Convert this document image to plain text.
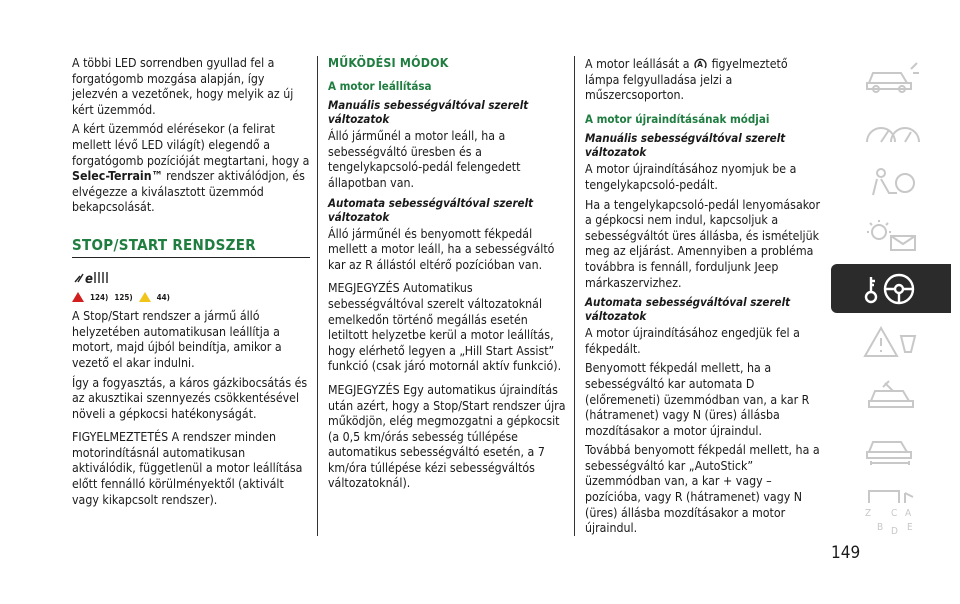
A többi LED sorrendben gyullad fel a forgatógomb mozgása alapján, így jelezvén a vezetőnek, hogy melyik az új kért üzemmód.

A kért üzemmód elérésekor (a felirat mellett lévő LED világít) elegendő a forgatógomb pozícióját megtartani, hogy a Selec-Terrain™ rendszer aktiválódjon, és elvégezze a kiválasztott üzemmód bekapcsolását.

STOP/START RENDSZER
e
124) 125)	44)

A Stop/Start rendszer a jármű álló helyzetében automatikusan leállítja a motort, majd újból beindítja, amikor a vezető el akar indulni.

Így a fogyasztás, a káros gázkibocsátás és az akusztikai szennyezés csökkentésével növeli a gépkocsi hatékonyságát.

FIGYELMEZTETÉS A rendszer minden motorindításnál automatikusan aktiválódik, függetlenül a motor leállítása előtt fennálló körülményektől (aktivált vagy kikapcsolt rendszer).

MŰKÖDÉSI MÓDOK
A motor leállítása
Manuális sebességváltóval szerelt változatok

Álló járműnél a motor leáll, ha a sebességváltó üresben és a tengelykapcsoló-pedál felengedett állapotban van.

Automata sebességváltóval szerelt változatok

Álló járműnél és benyomott fékpedál mellett a motor leáll, ha a sebességváltó kar az R állástól eltérő pozícióban van.

MEGJEGYZÉS Automatikus sebességváltóval szerelt változatoknál emelkedőn történő megállás esetén letiltott helyzetbe kerül a motor leállítás, hogy elérhető legyen a „Hill Start Assist” funkció (csak járó motornál aktív funkció).

MEGJEGYZÉS Egy automatikus újraindítás után azért, hogy a Stop/Start rendszer újra működjön, elég megmozgatni a gépkocsit (a 0,5 km/órás sebesség túllépése automatikus sebességváltó esetén, a 7 km/óra túllépése kézi sebességváltós változatoknál).

A motor leállását a A figyelmeztető lámpa felgyulladása jelzi a műszercsoporton.

A motor újraindításának módjai
Manuális sebességváltóval szerelt változatok

A motor újraindításához nyomjuk be a tengelykapcsoló-pedált.

Ha a tengelykapcsoló-pedál lenyomásakor a gépkocsi nem indul, kapcsoljuk a sebességváltót üres állásba, és ismételjük meg az eljárást. Amennyiben a probléma továbbra is fennáll, forduljunk Jeep márkaszervizhez.

Automata sebességváltóval szerelt változatok

A motor újraindításához engedjük fel a fékpedált.

Benyomott fékpedál mellett, ha a sebességváltó kar automata D (előremeneti) üzemmódban van, a kar R (hátramenet) vagy N (üres) állásba mozdításakor a motor újraindul.

Továbbá benyomott fékpedál mellett, ha a sebességváltó kar „AutoStick” üzemmódban van, a kar + vagy – pozícióba, vagy R (hátramenet) vagy N (üres) állásba mozdításakor a motor újraindul.

Z C A
B D E
149
